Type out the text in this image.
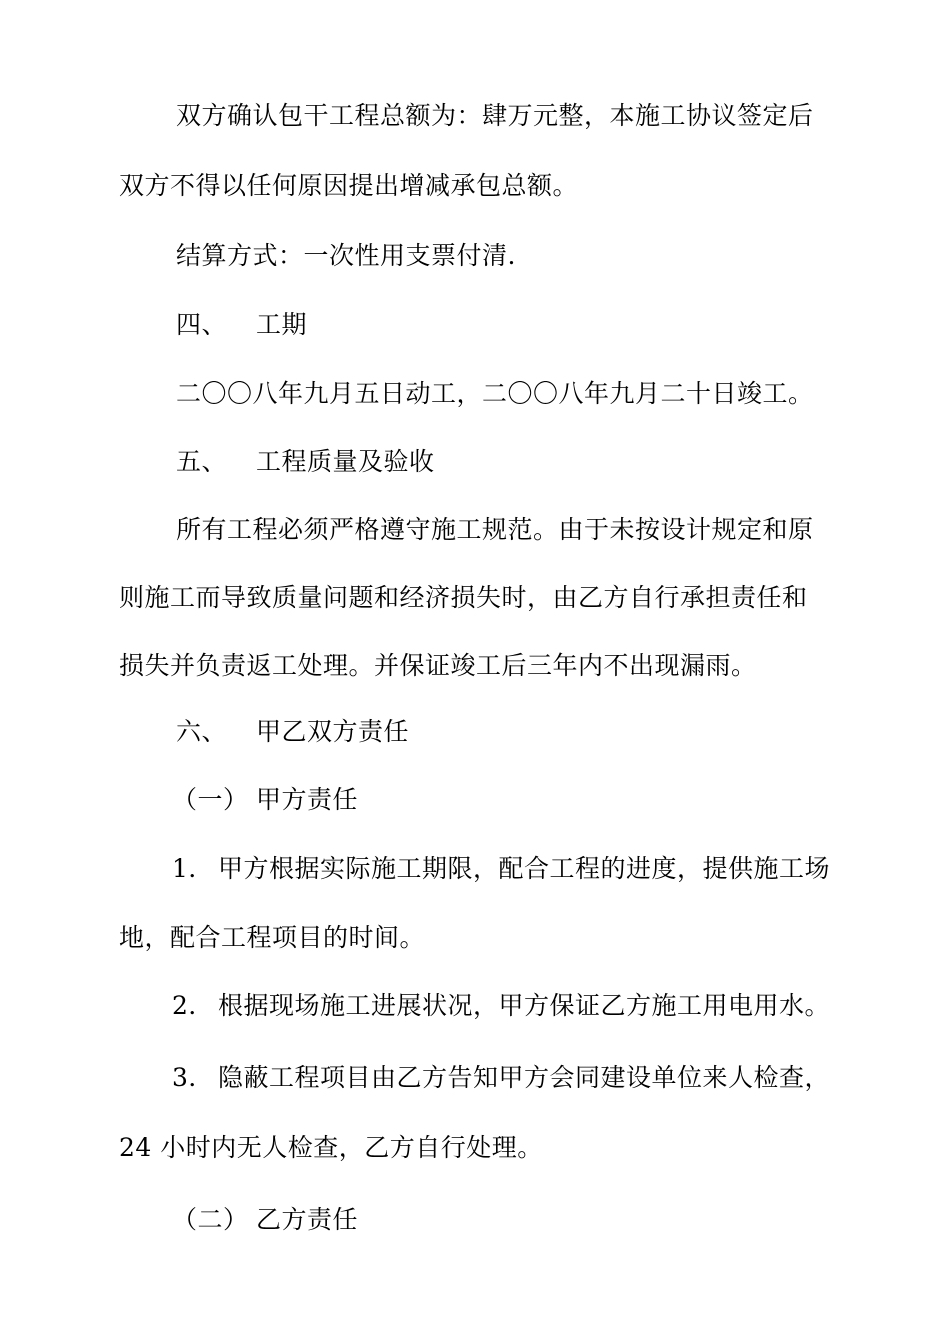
双方确认包干工程总额为：肆万元整，本施工协议签定后
双方不得以任何原因提出增减承包总额。
结算方式：一次性用支票付清.
四、 工期
二〇〇八年九月五日动工，二〇〇八年九月二十日竣工。
五、 工程质量及验收
所有工程必须严格遵守施工规范。由于未按设计规定和原
则施工而导致质量问题和经济损失时，由乙方自行承担责任和
损失并负责返工处理。并保证竣工后三年内不出现漏雨。
六、 甲乙双方责任
（一） 甲方责任
1． 甲方根据实际施工期限，配合工程的进度，提供施工场
地，配合工程项目的时间。
2． 根据现场施工进展状况，甲方保证乙方施工用电用水。
3． 隐蔽工程项目由乙方告知甲方会同建设单位来人检查，
24 小时内无人检查，乙方自行处理。
（二） 乙方责任
